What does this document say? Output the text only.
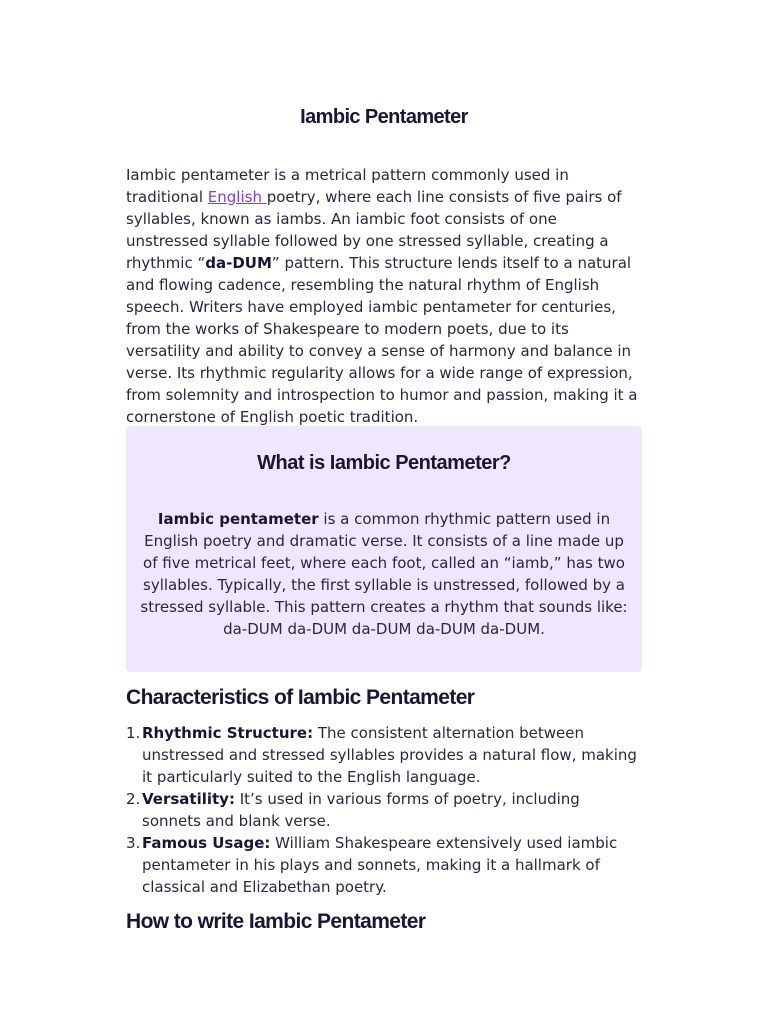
Iambic Pentameter

Iambic pentameter is a metrical pattern commonly used in traditional English poetry, where each line consists of five pairs of syllables, known as iambs. An iambic foot consists of one unstressed syllable followed by one stressed syllable, creating a rhythmic “da-DUM” pattern. This structure lends itself to a natural and flowing cadence, resembling the natural rhythm of English speech. Writers have employed iambic pentameter for centuries, from the works of Shakespeare to modern poets, due to its versatility and ability to convey a sense of harmony and balance in verse. Its rhythmic regularity allows for a wide range of expression, from solemnity and introspection to humor and passion, making it a cornerstone of English poetic tradition.

What is Iambic Pentameter?

Iambic pentameter is a common rhythmic pattern used in English poetry and dramatic verse. It consists of a line made up of five metrical feet, where each foot, called an “iamb,” has two syllables. Typically, the first syllable is unstressed, followed by a stressed syllable. This pattern creates a rhythm that sounds like: da-DUM da-DUM da-DUM da-DUM da-DUM.

Characteristics of Iambic Pentameter
1. Rhythmic Structure: The consistent alternation between unstressed and stressed syllables provides a natural flow, making it particularly suited to the English language.
2. Versatility: It’s used in various forms of poetry, including sonnets and blank verse.
3. Famous Usage: William Shakespeare extensively used iambic pentameter in his plays and sonnets, making it a hallmark of classical and Elizabethan poetry.
How to write Iambic Pentameter
